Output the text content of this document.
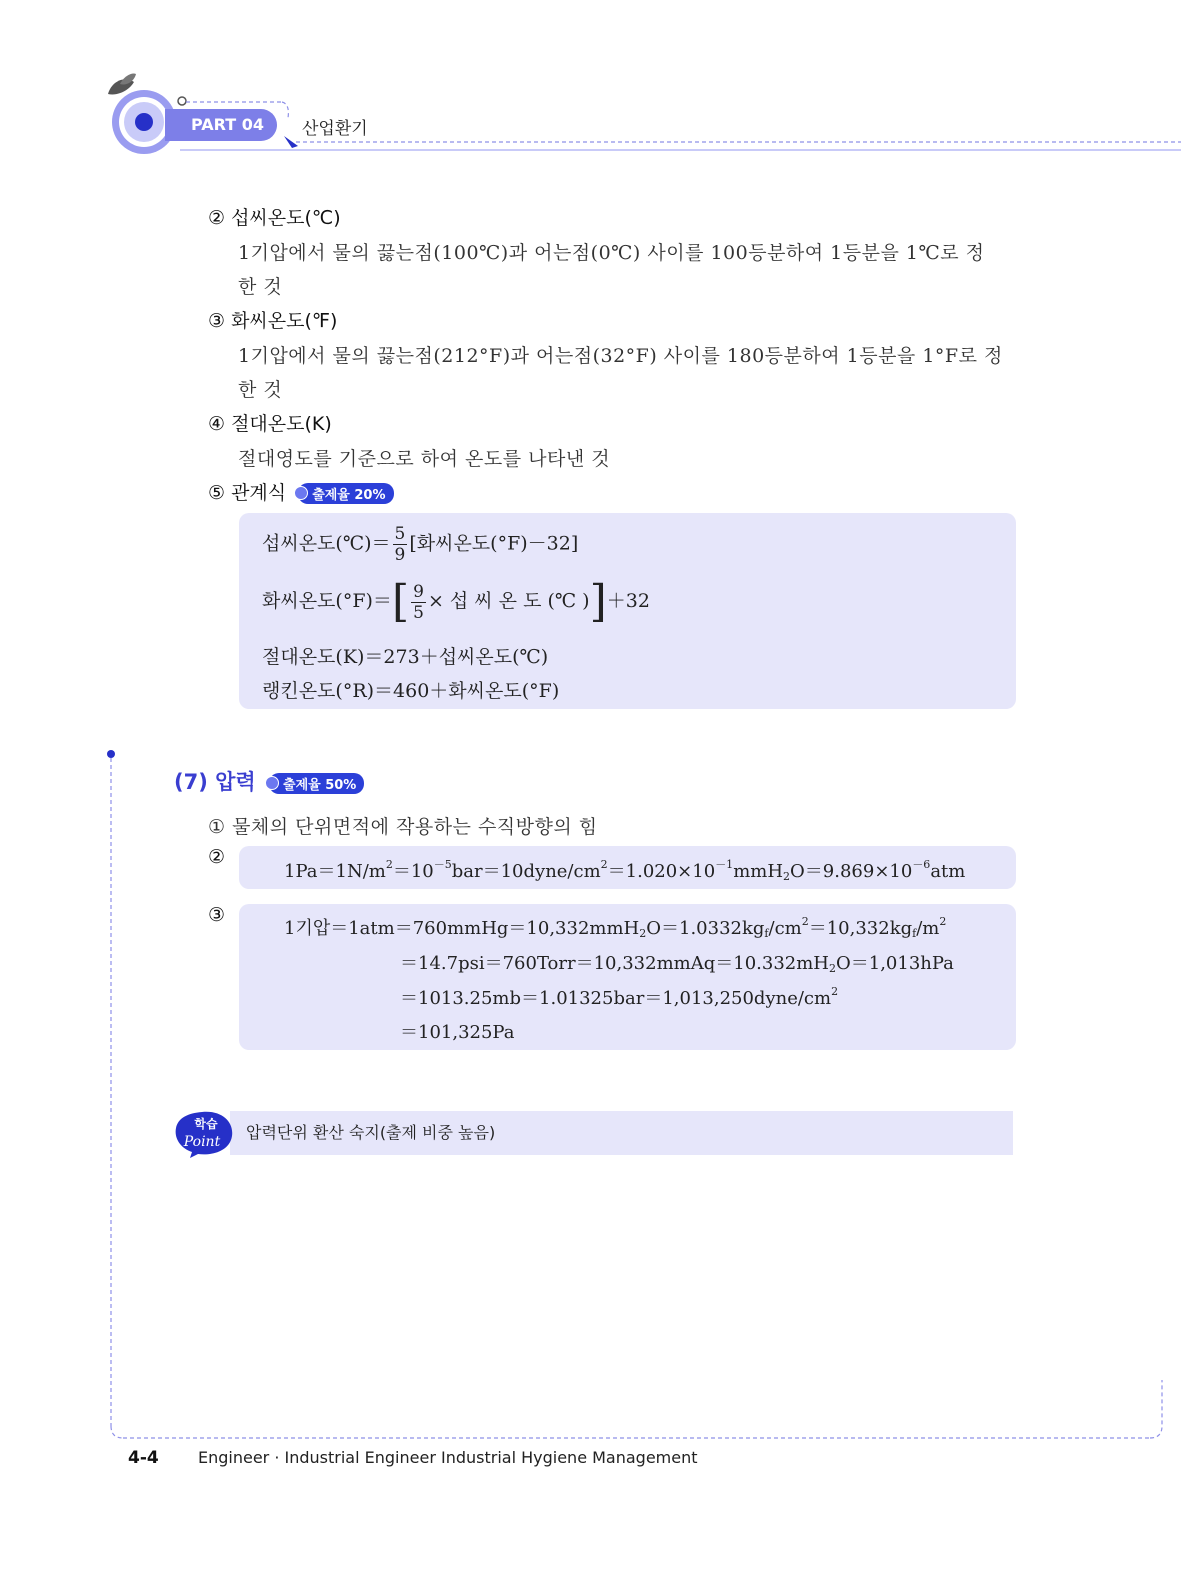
PART 04	산업환기
② 섭씨온도(℃)
1기압에서 물의 끓는점(100℃)과 어는점(0℃) 사이를 100등분하여 1등분을 1℃로 정
한 것
③ 화씨온도(℉)
1기압에서 물의 끓는점(212°F)과 어는점(32°F) 사이를 180등분하여 1등분을 1°F로 정
한 것
④ 절대온도(K)
절대영도를 기준으로 하여 온도를 나타낸 것
⑤ 관계식 출제율 20%
섭씨온도(℃)＝ $\frac{5}{9}$ [화씨온도(°F)－32]
화씨온도$(^\circ F)=[ \frac{9}{5}$ × 섭 씨 온 도 (℃ )]＋32
절대온도(K)＝273＋섭씨온도(℃)
랭킨온도(°R)＝460＋화씨온도(°F)
(7) 압력 출제율 50%
① 물체의 단위면적에 작용하는 수직방향의 힘
②
$1Pa=1N/m^2=10^{-5}bar=10dyne/cm^2=1.020\times 10^{-1}mmH_2O=9.869\times 10^{-6}atm$
③
1기압$=1atm=760mmHg=10,332mmH_2O=1.0332kg_f/cm^2=10,332kg_f/m^2$
$=14.7psi=760Torr=10,332mmAq=10.332mH_2O=1,013hPa$
$=1013.25mb=1.01325bar=1,013,250dyne/cm^2$
＝101,325Pa
압력단위 환산 숙지(출제 비중 높음)
학습
Point
4-4 Engineer · Industrial Engineer Industrial Hygiene Management
